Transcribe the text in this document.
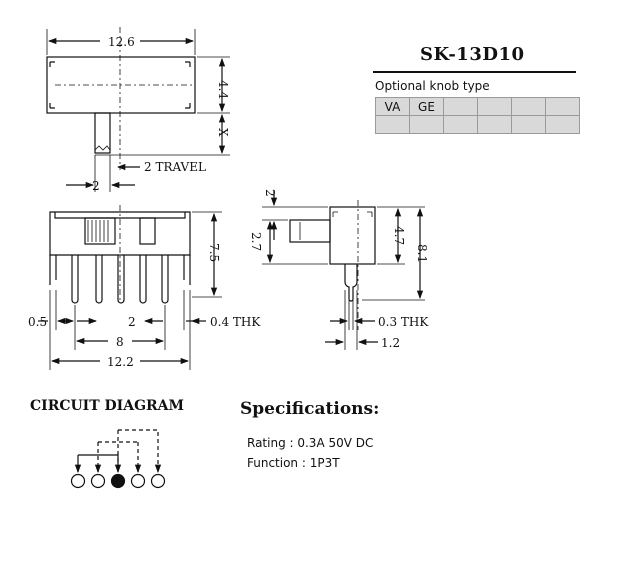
12.6
4.4
X
2
2 TRAVEL
7.5
0.5	2	0.4 THK
8
12.2
2
2.7	4.7
8.1
0.3 THK
1.2
SK-13D10
Optional knob type
VA	GE				

CIRCUIT DIAGRAM	Specifications:
Rating : 0.3A 50V DC
Function : 1P3T
